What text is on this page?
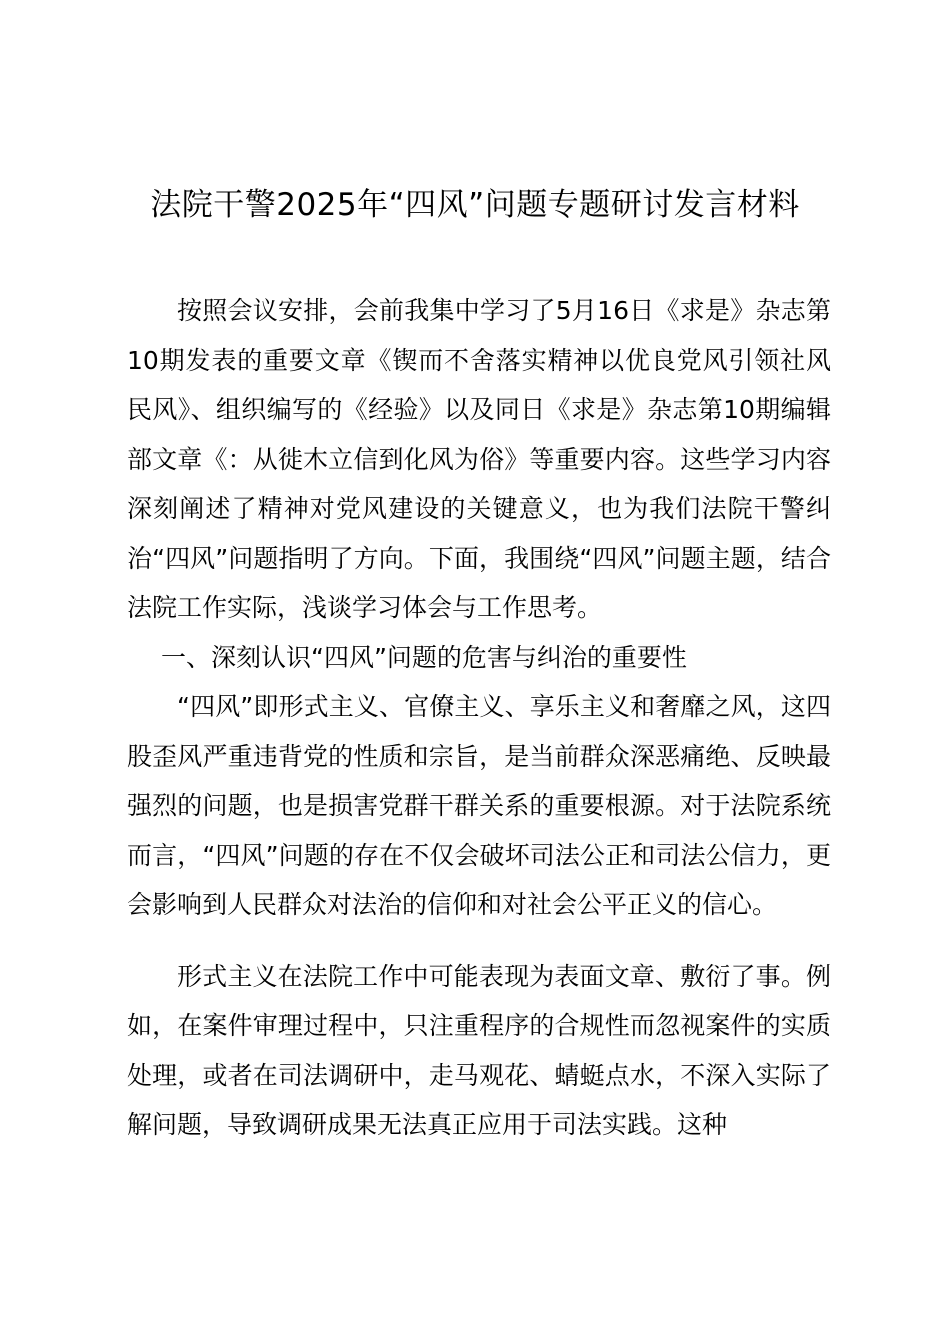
法院干警2025年“四风”问题专题研讨发言材料

按照会议安排，会前我集中学习了5月16日《求是》杂志第10期发表的重要文章《锲而不舍落实精神以优良党风引领社风民风》、组织编写的《经验》以及同日《求是》杂志第10期编辑部文章《：从徙木立信到化风为俗》等重要内容。这些学习内容深刻阐述了精神对党风建设的关键意义，也为我们法院干警纠治“四风”问题指明了方向。下面，我围绕“四风”问题主题，结合法院工作实际，浅谈学习体会与工作思考。

一、深刻认识“四风”问题的危害与纠治的重要性

“四风”即形式主义、官僚主义、享乐主义和奢靡之风，这四股歪风严重违背党的性质和宗旨，是当前群众深恶痛绝、反映最强烈的问题，也是损害党群干群关系的重要根源。对于法院系统而言，“四风”问题的存在不仅会破坏司法公正和司法公信力，更会影响到人民群众对法治的信仰和对社会公平正义的信心。

形式主义在法院工作中可能表现为表面文章、敷衍了事。例如，在案件审理过程中，只注重程序的合规性而忽视案件的实质处理，或者在司法调研中，走马观花、蜻蜓点水，不深入实际了解问题，导致调研成果无法真正应用于司法实践。这种
